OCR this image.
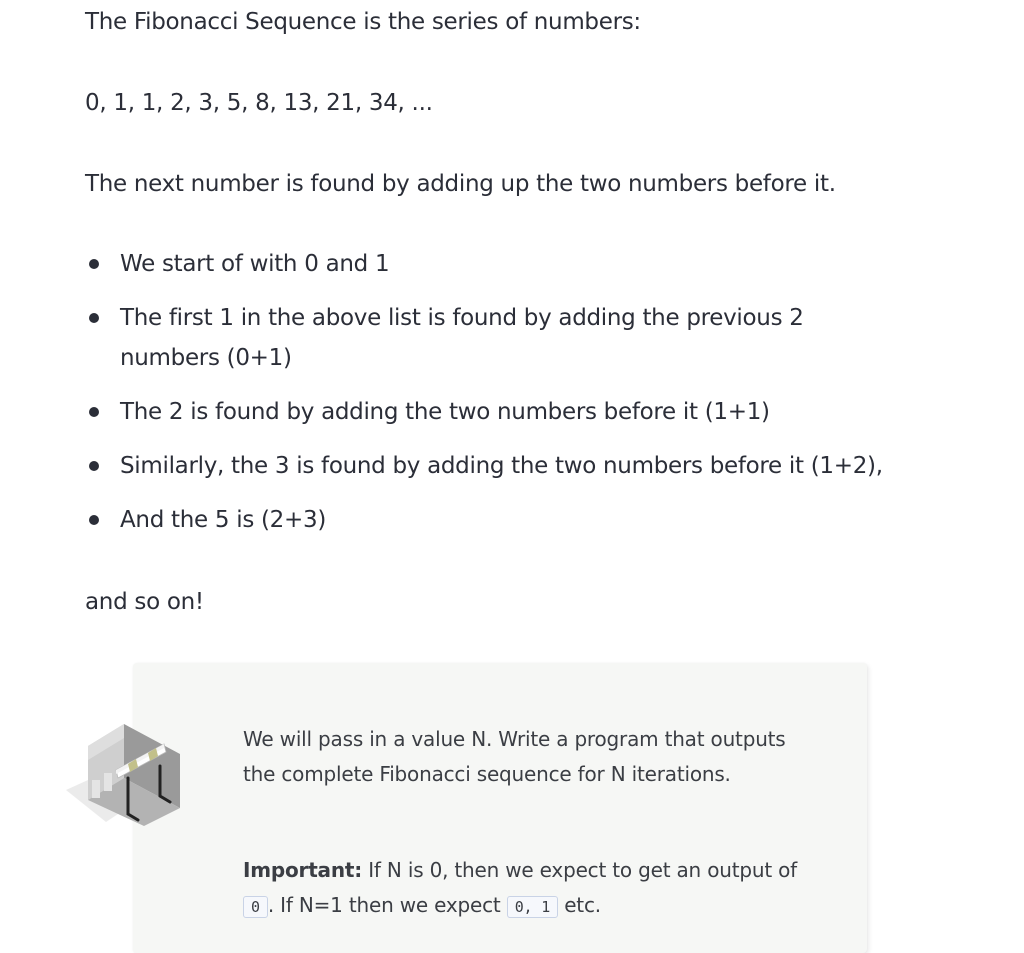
The Fibonacci Sequence is the series of numbers:

0, 1, 1, 2, 3, 5, 8, 13, 21, 34, ...

The next number is found by adding up the two numbers before it.

We start of with 0 and 1
The first 1 in the above list is found by adding the previous 2 numbers (0+1)
The 2 is found by adding the two numbers before it (1+1)
Similarly, the 3 is found by adding the two numbers before it (1+2),
And the 5 is (2+3)

and so on!

We will pass in a value N. Write a program that outputs the complete Fibonacci sequence for N iterations.

Important: If N is 0, then we expect to get an output of 0 . If N=1 then we expect 0, 1 etc.
